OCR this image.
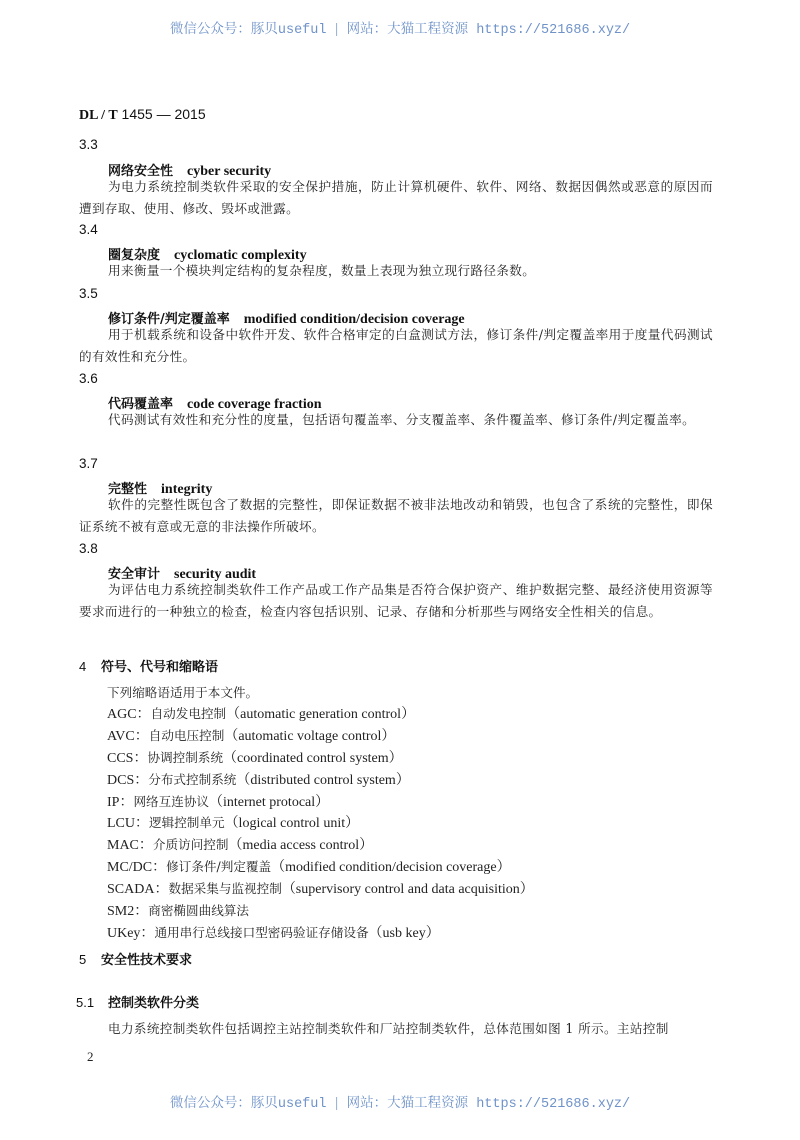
微信公众号：豚贝useful | 网站：大猫工程资源 https://521686.xyz/
DL / T 1455 — 2015
3.3
网络安全性 cyber security
为电力系统控制类软件采取的安全保护措施，防止计算机硬件、软件、网络、数据因偶然或恶意的原因而遭到存取、使用、修改、毁坏或泄露。
3.4
圈复杂度 cyclomatic complexity
用来衡量一个模块判定结构的复杂程度，数量上表现为独立现行路径条数。
3.5
修订条件/判定覆盖率 modified condition/decision coverage
用于机载系统和设备中软件开发、软件合格审定的白盒测试方法，修订条件/判定覆盖率用于度量代码测试的有效性和充分性。
3.6
代码覆盖率 code coverage fraction
代码测试有效性和充分性的度量，包括语句覆盖率、分支覆盖率、条件覆盖率、修订条件/判定覆盖率。
3.7
完整性 integrity
软件的完整性既包含了数据的完整性，即保证数据不被非法地改动和销毁，也包含了系统的完整性，即保证系统不被有意或无意的非法操作所破坏。
3.8
安全审计 security audit
为评估电力系统控制类软件工作产品或工作产品集是否符合保护资产、维护数据完整、最经济使用资源等要求而进行的一种独立的检查，检查内容包括识别、记录、存储和分析那些与网络安全性相关的信息。
4 符号、代号和缩略语
下列缩略语适用于本文件。
AGC：自动发电控制（automatic generation control）
AVC：自动电压控制（automatic voltage control）
CCS：协调控制系统（coordinated control system）
DCS：分布式控制系统（distributed control system）
IP：网络互连协议（internet protocal）
LCU：逻辑控制单元（logical control unit）
MAC：介质访问控制（media access control）
MC/DC：修订条件/判定覆盖（modified condition/decision coverage）
SCADA：数据采集与监视控制（supervisory control and data acquisition）
SM2：商密椭圆曲线算法
UKey：通用串行总线接口型密码验证存储设备（usb key）
5 安全性技术要求
5.1 控制类软件分类
电力系统控制类软件包括调控主站控制类软件和厂站控制类软件，总体范围如图 1 所示。主站控制
2
微信公众号：豚贝useful | 网站：大猫工程资源 https://521686.xyz/
